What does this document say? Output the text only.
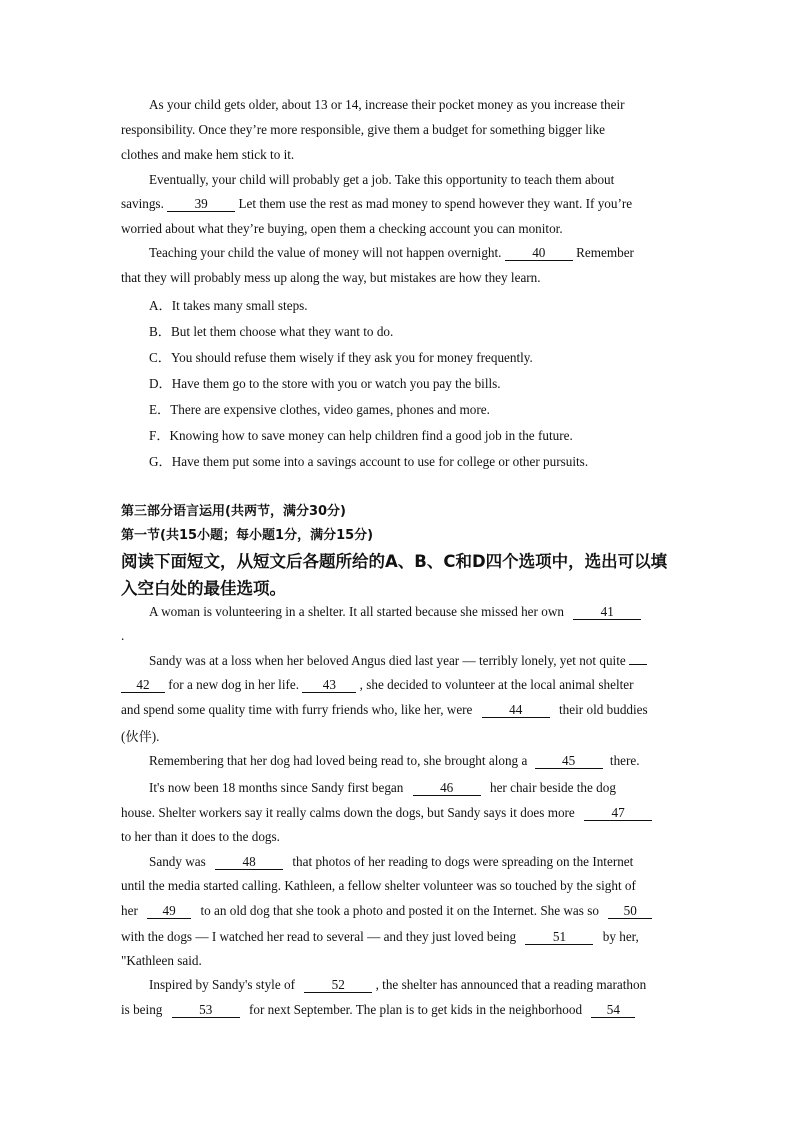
As your child gets older, about 13 or 14, increase their pocket money as you increase their

responsibility. Once they’re more responsible, give them a budget for something bigger like

clothes and make hem stick to it.

Eventually, your child will probably get a job. Take this opportunity to teach them about

savings. 39 Let them use the rest as mad money to spend however they want. If you’re

worried about what they’re buying, open them a checking account you can monitor.

Teaching your child the value of money will not happen overnight. 40 Remember

that they will probably mess up along the way, but mistakes are how they learn.

A．It takes many small steps.

B．But let them choose what they want to do.

C．You should refuse them wisely if they ask you for money frequently.

D．Have them go to the store with you or watch you pay the bills.

E．There are expensive clothes, video games, phones and more.

F．Knowing how to save money can help children find a good job in the future.

G．Have them put some into a savings account to use for college or other pursuits.

第三部分语言运用(共两节，满分30分)

第一节(共15小题；每小题1分，满分15分)

阅读下面短文，从短文后各题所给的A、B、C和D四个选项中，选出可以填

入空白处的最佳选项。

A woman is volunteering in a shelter. It all started because she missed her own	41

.

Sandy was at a loss when her beloved Angus died last year — terribly lonely, yet not quite

42 for a new dog in her life. 43 , she decided to volunteer at the local animal shelter

and spend some quality time with furry friends who, like her, were	44	their old buddies

(伙伴).

Remembering that her dog had loved being read to, she brought along a	45	there.

It's now been 18 months since Sandy first began	46	her chair beside the dog

house. Shelter workers say it really calms down the dogs, but Sandy says it does more	47

to her than it does to the dogs.

Sandy was	48	that photos of her reading to dogs were spreading on the Internet

until the media started calling. Kathleen, a fellow shelter volunteer was so touched by the sight of

her 49 to an old dog that she took a photo and posted it on the Internet. She was so 50

with the dogs — I watched her read to several — and they just loved being	51	by her,

"Kathleen said.

Inspired by Sandy's style of	52 , the shelter has announced that a reading marathon

is being	53	for next September. The plan is to get kids in the neighborhood 54
